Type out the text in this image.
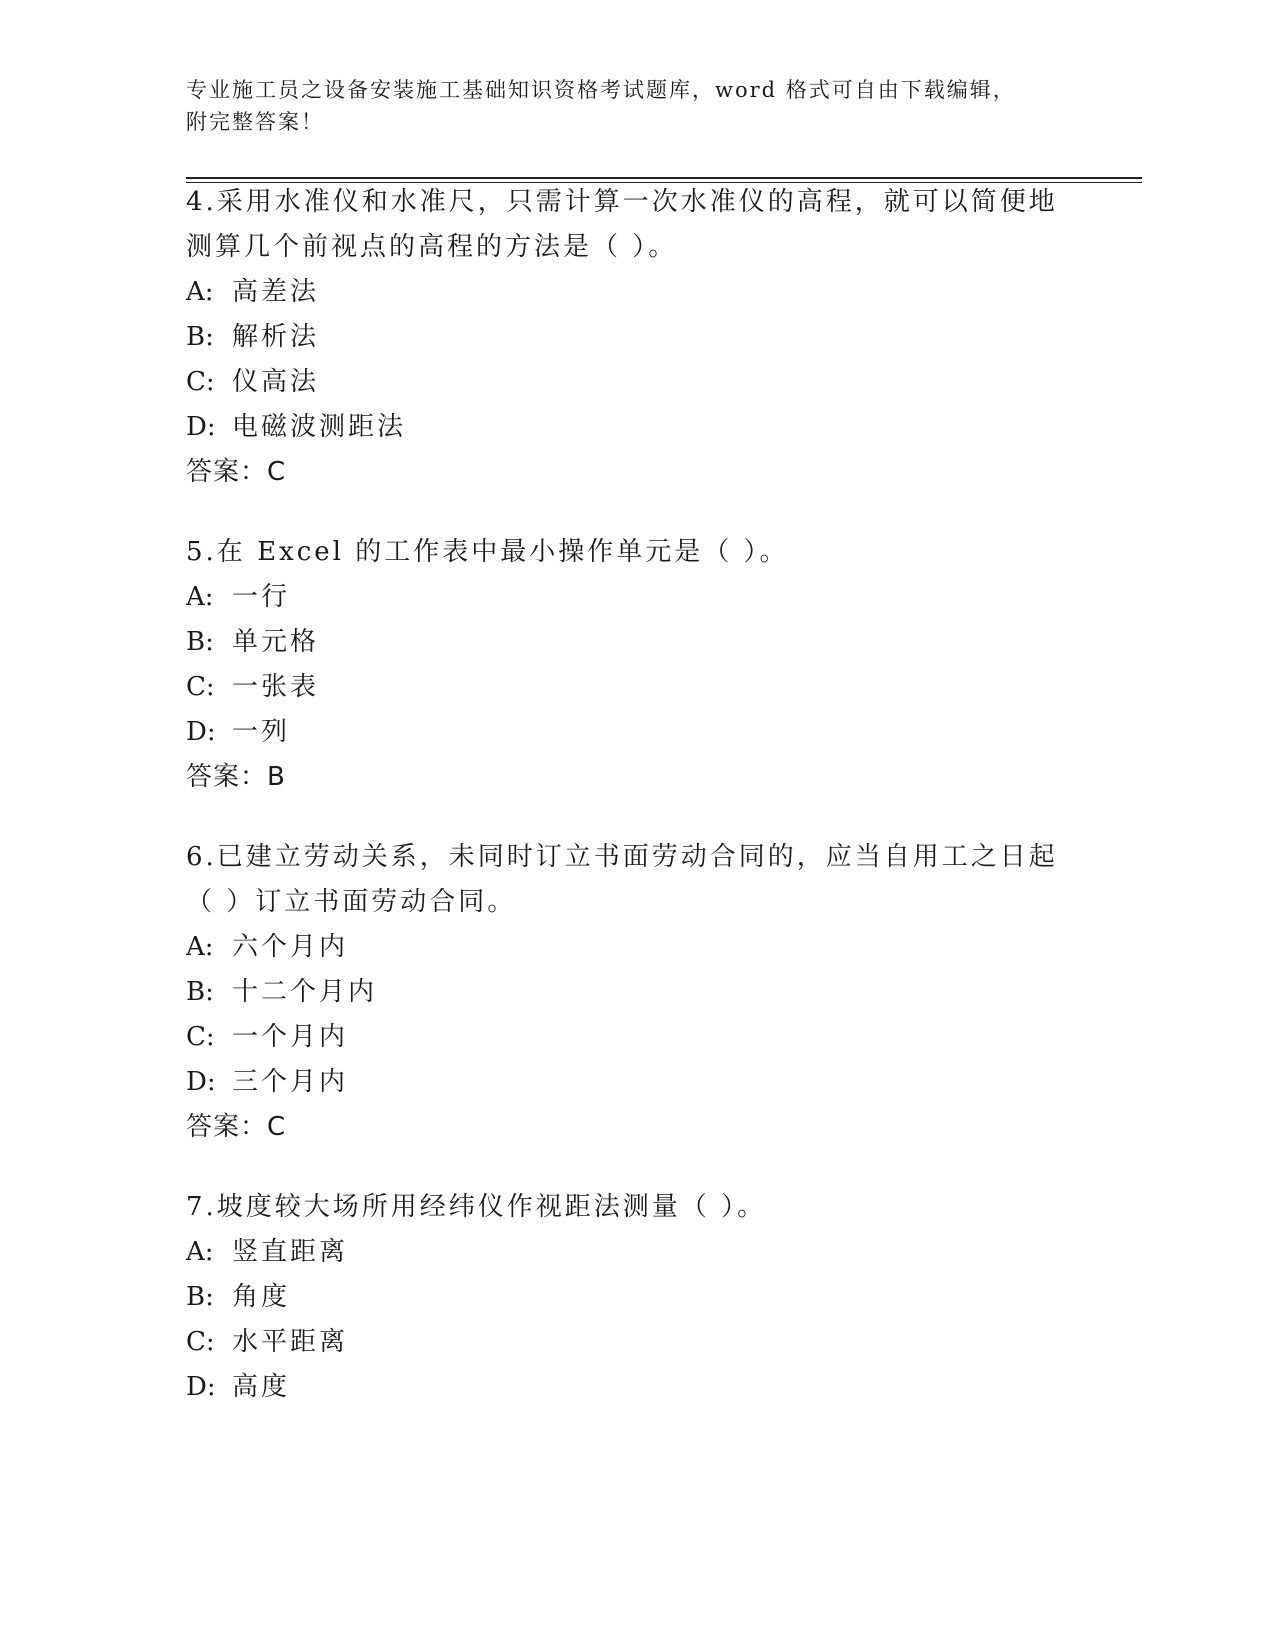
专业施工员之设备安装施工基础知识资格考试题库，word 格式可自由下载编辑，
附完整答案！

4.采用水准仪和水准尺，只需计算一次水准仪的高程，就可以简便地测算几个前视点的高程的方法是（ ）。

A: 高差法

B: 解析法

C: 仪高法

D: 电磁波测距法

答案：C

5.在 Excel 的工作表中最小操作单元是（ ）。

A: 一行

B: 单元格

C: 一张表

D: 一列

答案：B

6.已建立劳动关系，未同时订立书面劳动合同的，应当自用工之日起（ ）订立书面劳动合同。

A: 六个月内

B: 十二个月内

C: 一个月内

D: 三个月内

答案：C

7.坡度较大场所用经纬仪作视距法测量（ ）。

A: 竖直距离

B: 角度

C: 水平距离

D: 高度
